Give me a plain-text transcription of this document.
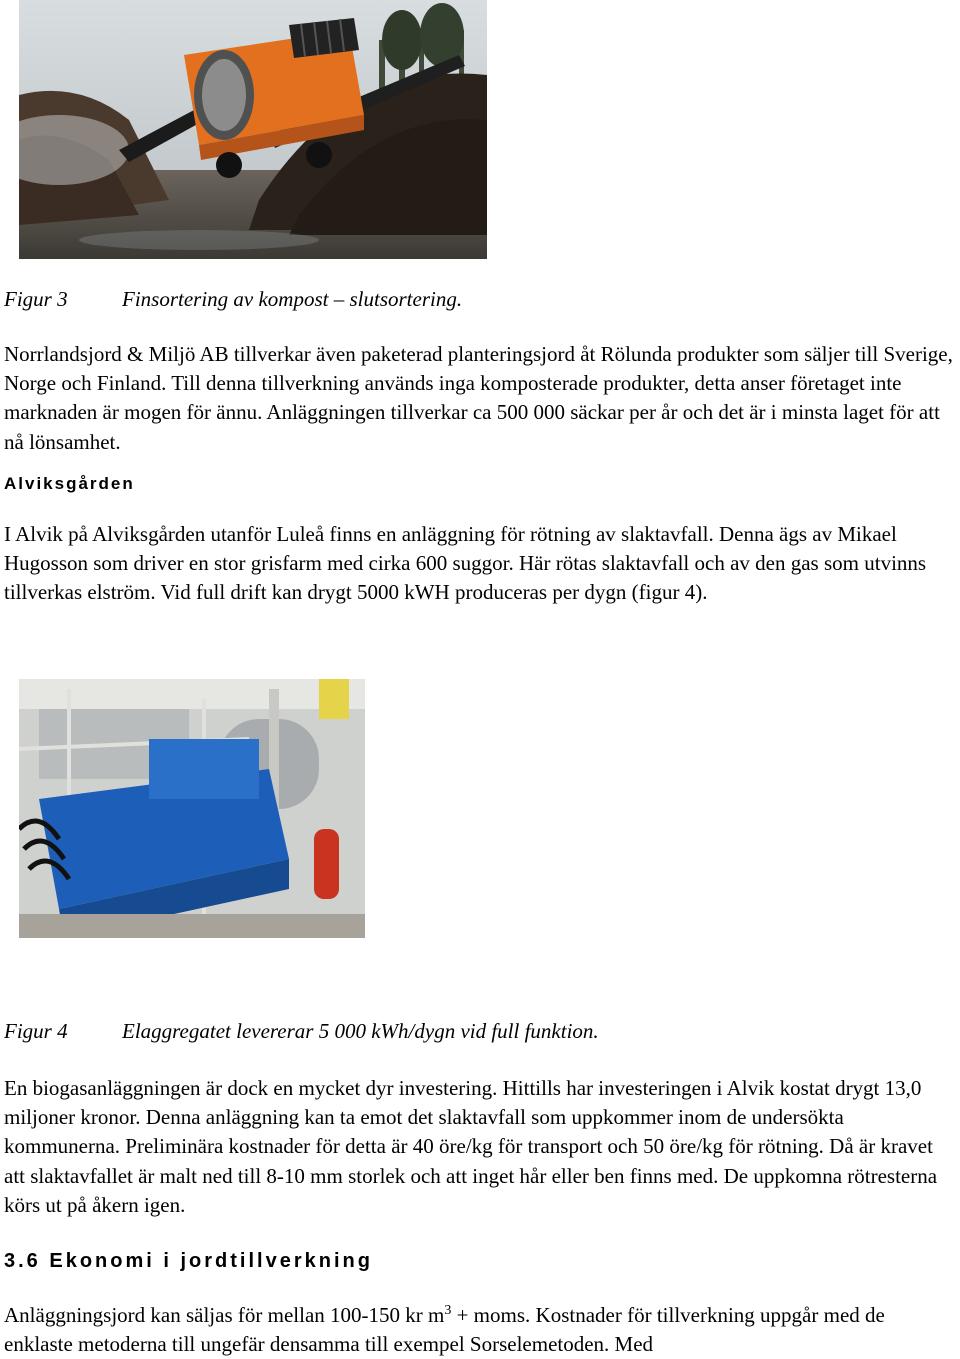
Figur 3	Finsortering av kompost – slutsortering.

Norrlandsjord & Miljö AB tillverkar även paketerad planteringsjord åt Rölunda produkter som säljer till Sverige, Norge och Finland. Till denna tillverkning används inga komposterade produkter, detta anser företaget inte marknaden är mogen för ännu. Anläggningen tillverkar ca 500 000 säckar per år och det är i minsta laget för att nå lönsamhet.

Alviksgården

I Alvik på Alviksgården utanför Luleå finns en anläggning för rötning av slaktavfall. Denna ägs av Mikael Hugosson som driver en stor grisfarm med cirka 600 suggor. Här rötas slaktavfall och av den gas som utvinns tillverkas elström. Vid full drift kan drygt 5000 kWH produceras per dygn (figur 4).

Figur 4	Elaggregatet levererar 5 000 kWh/dygn vid full funktion.

En biogasanläggningen är dock en mycket dyr investering. Hittills har investeringen i Alvik kostat drygt 13,0 miljoner kronor. Denna anläggning kan ta emot det slaktavfall som uppkommer inom de undersökta kommunerna. Preliminära kostnader för detta är 40 öre/kg för transport och 50 öre/kg för rötning. Då är kravet att slaktavfallet är malt ned till 8-10 mm storlek och att inget hår eller ben finns med. De uppkomna rötresterna körs ut på åkern igen.

3.6 Ekonomi i jordtillverkning

Anläggningsjord kan säljas för mellan 100-150 kr $m^3$ + moms. Kostnader för tillverkning uppgår med de enklaste metoderna till ungefär densamma till exempel Sorselemetoden. Med
